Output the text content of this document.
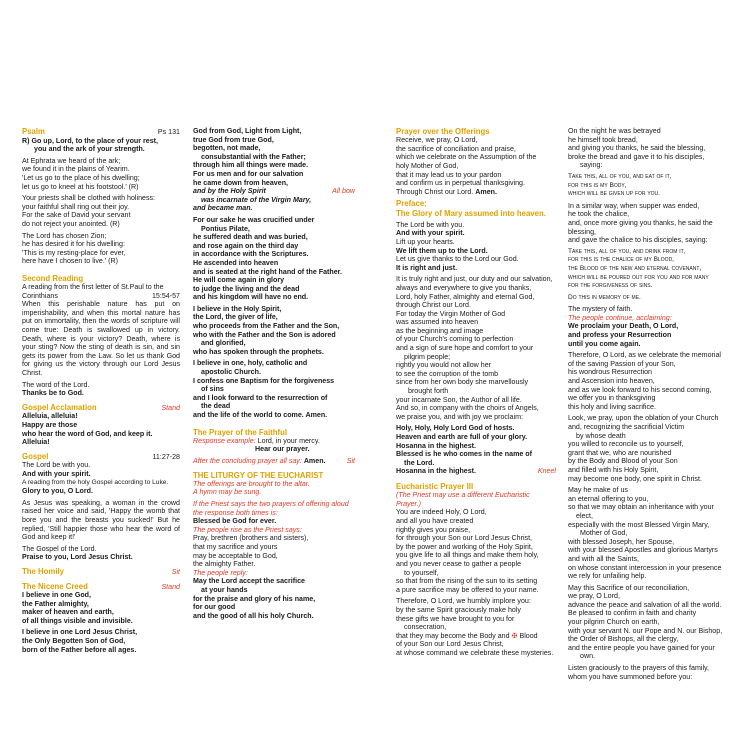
Psalm	Ps 131
R) Go up, Lord, to the place of your rest,
you and the ark of your strength.
At Ephrata we heard of the ark;
we found it in the plains of Yearim.
'Let us go to the place of his dwelling;
let us go to kneel at his footstool.' (R)
Your priests shall be clothed with holiness:
your faithful shall ring out their joy.
For the sake of David your servant
do not reject your anointed. (R)
The Lord has chosen Zion;
he has desired it for his dwelling:
'This is my resting-place for ever,
here have I chosen to live.' (R)
Second Reading
A reading from the first letter of St.Paul to the
Corinthians	15:54-57
When this perishable nature has put on imperishability, and when this mortal nature has put on immortality, then the words of scripture will come true: Death is swallowed up in victory. Death, where is your victory? Death, where is your sting? Now the sting of death is sin, and sin gets its power from the Law. So let us thank God for giving us the victory through our Lord Jesus Christ.
The word of the Lord.
Thanks be to God.
Gospel Acclamation	Stand
Alleluia, alleluia!
Happy are those
who hear the word of God, and keep it.
Alleluia!
Gospel	11:27-28
The Lord be with you.
And with your spirit.
A reading from the holy Gospel according to Luke.
Glory to you, O Lord.
As Jesus was speaking, a woman in the crowd raised her voice and said, 'Happy the womb that bore you and the breasts you sucked!' But he replied, 'Still happier those who hear the word of God and keep it!'
The Gospel of the Lord.
Praise to you, Lord Jesus Christ.
The Homily	Sit
The Nicene Creed	Stand
I believe in one God,
the Father almighty,
maker of heaven and earth,
of all things visible and invisible.
I believe in one Lord Jesus Christ,
the Only Begotten Son of God,
born of the Father before all ages.
God from God, Light from Light,
true God from true God,
begotten, not made,
consubstantial with the Father;
through him all things were made.
For us men and for our salvation
he came down from heaven,
and by the Holy Spirit	All bow
was incarnate of the Virgin Mary,
and became man.
For our sake he was crucified under
Pontius Pilate,
he suffered death and was buried,
and rose again on the third day
in accordance with the Scriptures.
He ascended into heaven
and is seated at the right hand of the Father.
He will come again in glory
to judge the living and the dead
and his kingdom will have no end.
I believe in the Holy Spirit,
the Lord, the giver of life,
who proceeds from the Father and the Son,
who with the Father and the Son is adored
and glorified,
who has spoken through the prophets.
I believe in one, holy, catholic and
apostolic Church.
I confess one Baptism for the forgiveness
of sins
and I look forward to the resurrection of
the dead
and the life of the world to come. Amen.
The Prayer of the Faithful
Response example: Lord, in your mercy.
Hear our prayer.
After the concluding prayer all say: Amen.	Sit
THE LITURGY OF THE EUCHARIST
The offerings are brought to the altar.
A hymn may be sung.
If the Priest says the two prayers of offering aloud the response both times is:
Blessed be God for ever.
The people rise as the Priest says:
Pray, brethren (brothers and sisters),
that my sacrifice and yours
may be acceptable to God,
the almighty Father.
The people reply:
May the Lord accept the sacrifice
at your hands
for the praise and glory of his name,
for our good
and the good of all his holy Church.
Prayer over the Offerings
Receive, we pray, O Lord,
the sacrifice of conciliation and praise,
which we celebrate on the Assumption of the
holy Mother of God,
that it may lead us to your pardon
and confirm us in perpetual thanksgiving.
Through Christ our Lord. Amen.
Preface:
The Glory of Mary assumed into heaven.
The Lord be with you.
And with your spirit.
Lift up your hearts.
We lift them up to the Lord.
Let us give thanks to the Lord our God.
It is right and just.
It is truly right and just, our duty and our salvation,
always and everywhere to give you thanks,
Lord, holy Father, almighty and eternal God,
through Christ our Lord.
For today the Virgin Mother of God
was assumed into heaven
as the beginning and image
of your Church's coming to perfection
and a sign of sure hope and comfort to your
pilgrim people;
rightly you would not allow her
to see the corruption of the tomb
since from her own body she marvellously
brought forth
your incarnate Son, the Author of all life.
And so, in company with the choirs of Angels,
we praise you, and with joy we proclaim:
Holy, Holy, Holy Lord God of hosts.
Heaven and earth are full of your glory.
Hosanna in the highest.
Blessed is he who comes in the name of
the Lord.
Hosanna in the highest.	Kneel
Eucharistic Prayer III
(The Priest may use a different Eucharistic Prayer.)
You are indeed Holy, O Lord,
and all you have created
rightly gives you praise,
for through your Son our Lord Jesus Christ,
by the power and working of the Holy Spirit,
you give life to all things and make them holy,
and you never cease to gather a people
to yourself,
so that from the rising of the sun to its setting
a pure sacrifice may be offered to your name.
Therefore, O Lord, we humbly implore you:
by the same Spirit graciously make holy
these gifts we have brought to you for
consecration,
that they may become the Body and ✠ Blood
of your Son our Lord Jesus Christ,
at whose command we celebrate these mysteries.
On the night he was betrayed
he himself took bread,
and giving you thanks, he said the blessing,
broke the bread and gave it to his disciples,
saying:
Take this, all of you, and eat of it,
for this is my Body,
which will be given up for you.
In a similar way, when supper was ended,
he took the chalice,
and, once more giving you thanks, he said the blessing,
and gave the chalice to his disciples, saying:
Take this, all of you, and drink from it,
for this is the chalice of my Blood,
the Blood of the new and eternal covenant,
which will be poured out for you and for many
for the forgiveness of sins.
Do this in memory of me.
The mystery of faith.
The people continue, acclaiming:
We proclaim your Death, O Lord,
and profess your Resurrection
until you come again.
Therefore, O Lord, as we celebrate the memorial
of the saving Passion of your Son,
his wondrous Resurrection
and Ascension into heaven,
and as we look forward to his second coming,
we offer you in thanksgiving
this holy and living sacrifice.
Look, we pray, upon the oblation of your Church
and, recognizing the sacrificial Victim
by whose death
you willed to reconcile us to yourself,
grant that we, who are nourished
by the Body and Blood of your Son
and filled with his Holy Spirit,
may become one body, one spirit in Christ.
May he make of us
an eternal offering to you,
so that we may obtain an inheritance with your
elect,
especially with the most Blessed Virgin Mary,
Mother of God,
with blessed Joseph, her Spouse,
with your blessed Apostles and glorious Martyrs
and with all the Saints,
on whose constant intercession in your presence
we rely for unfailing help.
May this Sacrifice of our reconciliation,
we pray, O Lord,
advance the peace and salvation of all the world.
Be pleased to confirm in faith and charity
your pilgrim Church on earth,
with your servant N. our Pope and N. our Bishop,
the Order of Bishops, all the clergy,
and the entire people you have gained for your
own.
Listen graciously to the prayers of this family,
whom you have summoned before you:
